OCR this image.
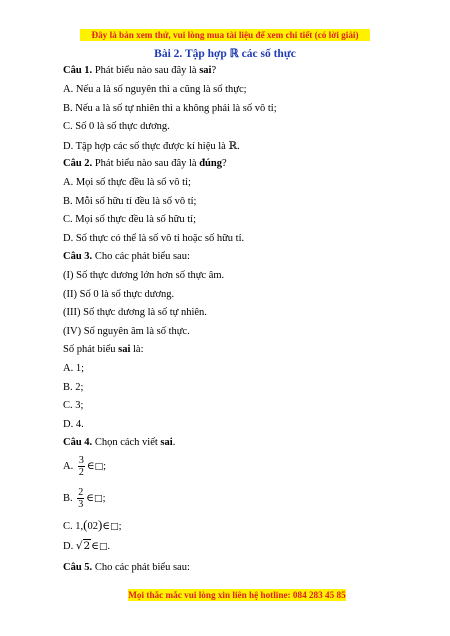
Đây là bản xem thử, vui lòng mua tài liệu để xem chi tiết (có lời giải)
Bài 2. Tập hợp ℝ các số thực
Câu 1. Phát biểu nào sau đây là sai?
A. Nếu a là số nguyên thì a cũng là số thực;
B. Nếu a là số tự nhiên thì a không phải là số vô tỉ;
C. Số 0 là số thực dương.
D. Tập hợp các số thực được kí hiệu là ℝ.
Câu 2. Phát biểu nào sau đây là đúng?
A. Mọi số thực đều là số vô tỉ;
B. Mỗi số hữu tỉ đều là số vô tỉ;
C. Mọi số thực đều là số hữu tỉ;
D. Số thực có thể là số vô tỉ hoặc số hữu tỉ.
Câu 3. Cho các phát biểu sau:
(I) Số thực dương lớn hơn số thực âm.
(II) Số 0 là số thực dương.
(III) Số thực dương là số tự nhiên.
(IV) Số nguyên âm là số thực.
Số phát biểu sai là:
A. 1;
B. 2;
C. 3;
D. 4.
Câu 4. Chọn cách viết sai.
A. $\frac{3}{2}$ ∈□;
B. $\frac{2}{3}$ ∈□;
C. 1,(02)∈□;
D. √2∈□.
Câu 5. Cho các phát biểu sau:
Mọi thắc mắc vui lòng xin liên hệ hotline: 084 283 45 85
